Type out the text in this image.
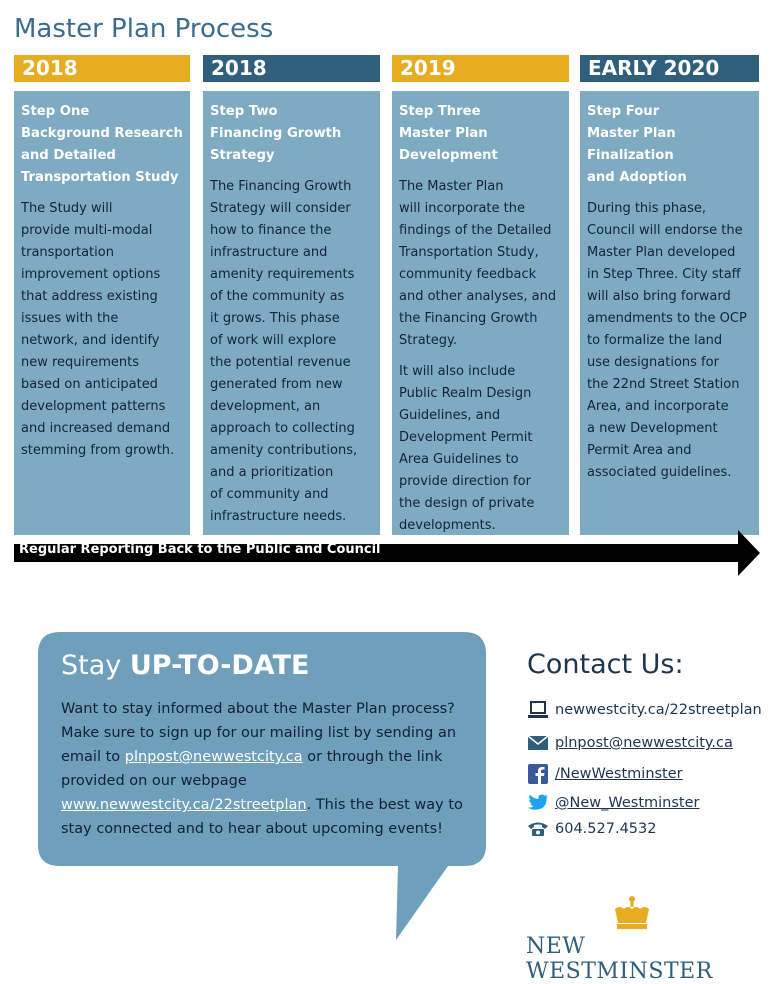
Master Plan Process
2018	2018	2019	EARLY 2020
Step One
Background Research
and Detailed
Transportation Study

The Study will
provide multi-modal
transportation
improvement options
that address existing
issues with the
network, and identify
new requirements
based on anticipated
development patterns
and increased demand
stemming from growth.

Step Two
Financing Growth
Strategy

The Financing Growth
Strategy will consider
how to finance the
infrastructure and
amenity requirements
of the community as
it grows. This phase
of work will explore
the potential revenue
generated from new
development, an
approach to collecting
amenity contributions,
and a prioritization
of community and
infrastructure needs.

Step Three
Master Plan
Development

The Master Plan
will incorporate the
findings of the Detailed
Transportation Study,
community feedback
and other analyses, and
the Financing Growth
Strategy.

It will also include
Public Realm Design
Guidelines, and
Development Permit
Area Guidelines to
provide direction for
the design of private
developments.

Step Four
Master Plan Finalization
and Adoption

During this phase,
Council will endorse the
Master Plan developed
in Step Three. City staff
will also bring forward
amendments to the OCP
to formalize the land
use designations for
the 22nd Street Station
Area, and incorporate
a new Development
Permit Area and
associated guidelines.

Regular Reporting Back to the Public and Council
Stay UP-TO-DATE
Want to stay informed about the Master Plan process? Make sure to sign up for our mailing list by sending an email to plnpost@newwestcity.ca or through the link provided on our webpage www.newwestcity.ca/22streetplan. This the best way to stay connected and to hear about upcoming events!
Contact Us:
newwestcity.ca/22streetplan
plnpost@newwestcity.ca
/NewWestminster
@New_Westminster
604.527.4532
NEW WESTMINSTER
